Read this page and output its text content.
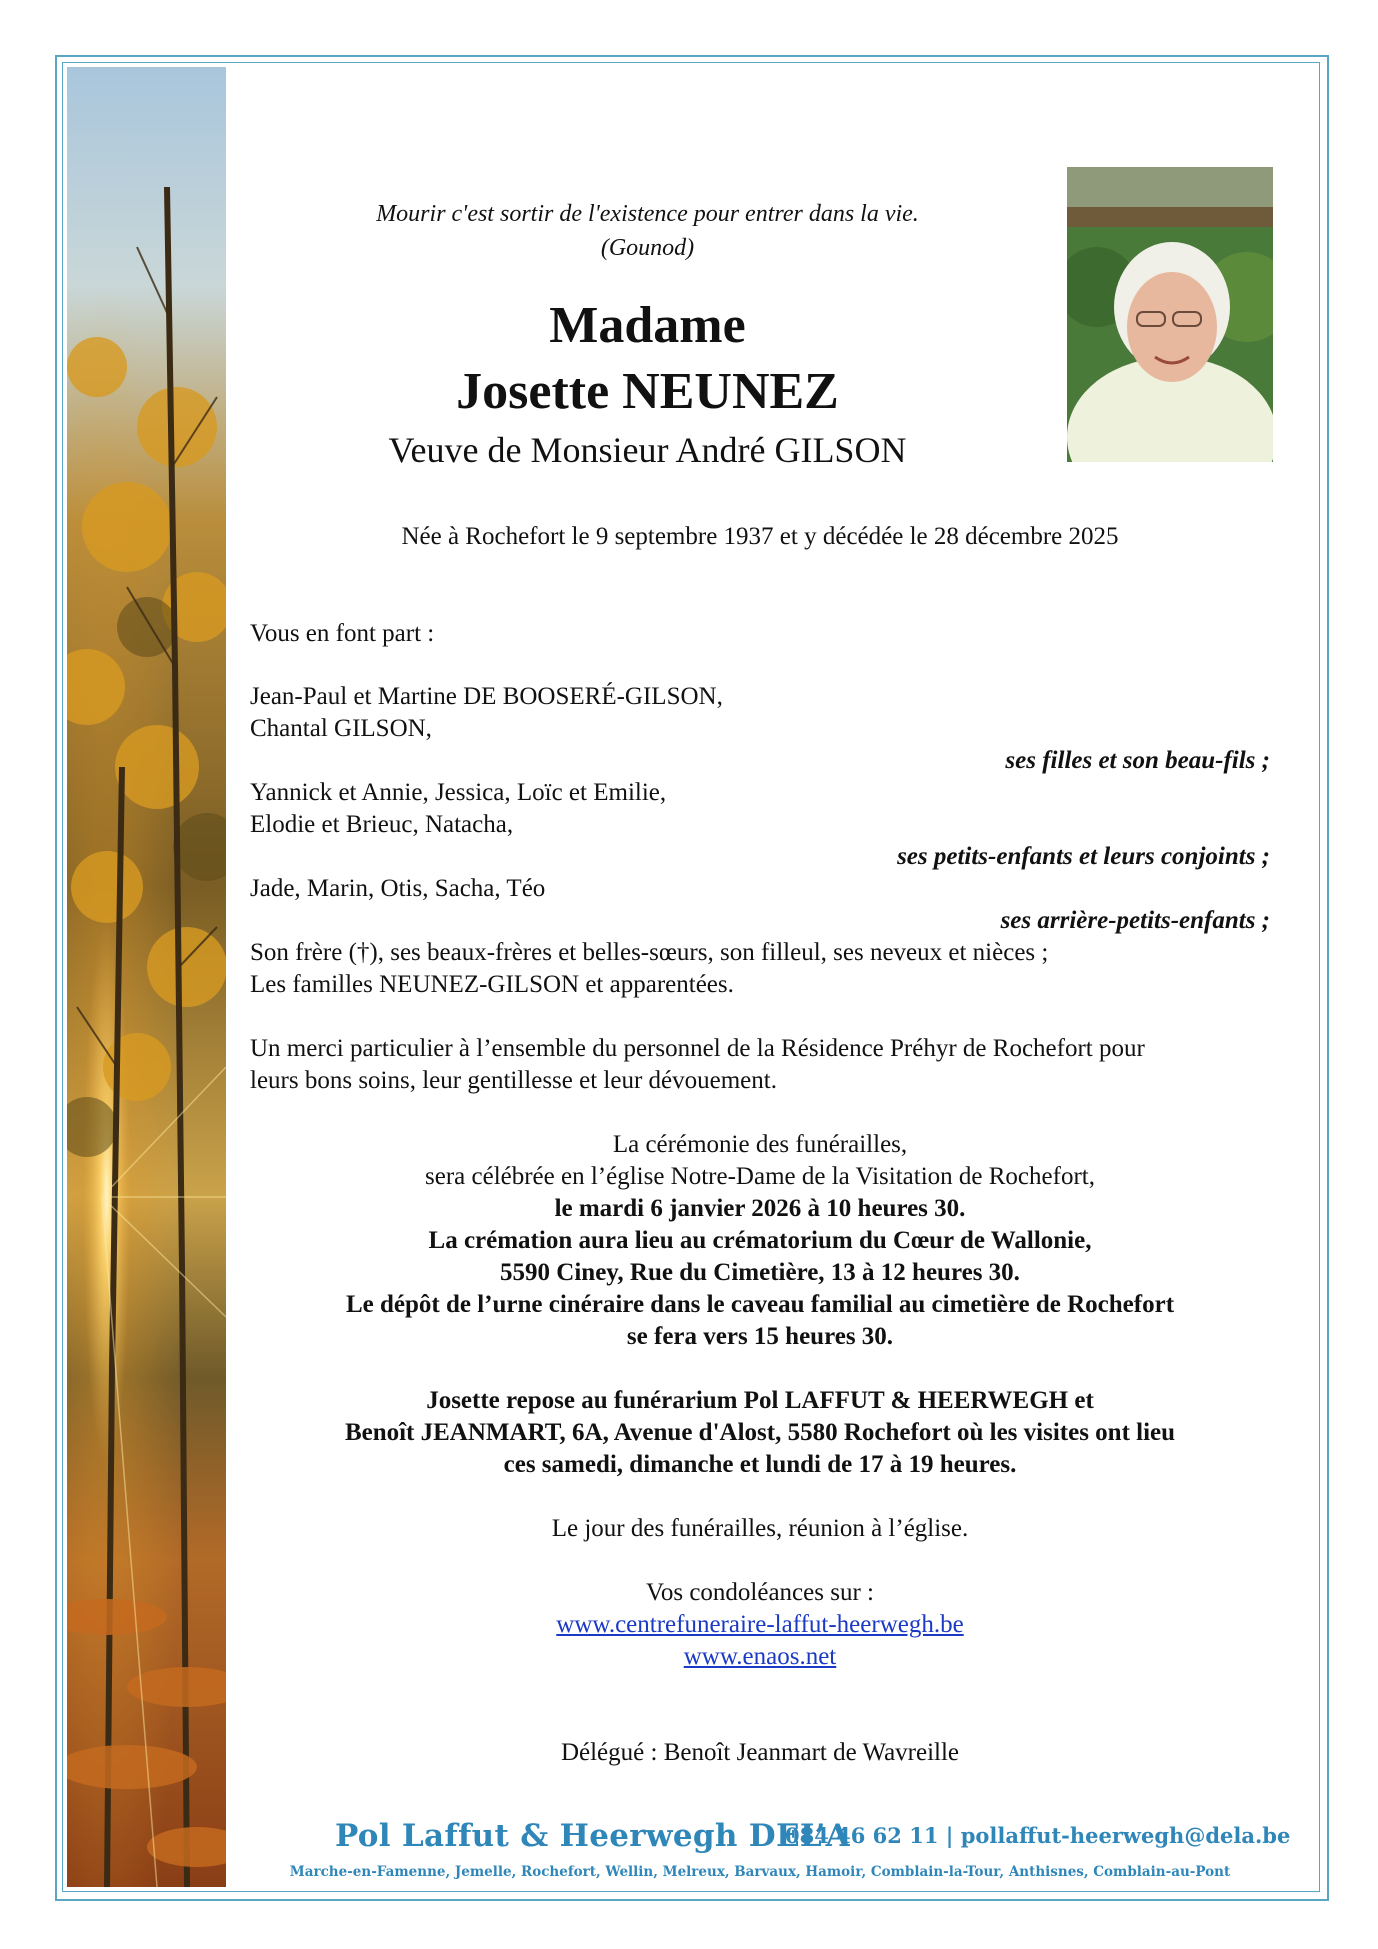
Mourir c'est sortir de l'existence pour entrer dans la vie.
(Gounod)
Madame
Josette NEUNEZ
Veuve de Monsieur André GILSON
Née à Rochefort le 9 septembre 1937 et y décédée le 28 décembre 2025
Vous en font part :
Jean-Paul et Martine DE BOOSERÉ-GILSON,
Chantal GILSON,
ses filles et son beau-fils ;
Yannick et Annie, Jessica, Loïc et Emilie,
Elodie et Brieuc, Natacha,
ses petits-enfants et leurs conjoints ;
Jade, Marin, Otis, Sacha, Téo
ses arrière-petits-enfants ;
Son frère (†), ses beaux-frères et belles-sœurs, son filleul, ses neveux et nièces ;
Les familles NEUNEZ-GILSON et apparentées.
Un merci particulier à l’ensemble du personnel de la Résidence Préhyr de Rochefort pour
leurs bons soins, leur gentillesse et leur dévouement.
La cérémonie des funérailles,
sera célébrée en l’église Notre-Dame de la Visitation de Rochefort,
le mardi 6 janvier 2026 à 10 heures 30.
La crémation aura lieu au crématorium du Cœur de Wallonie,
5590 Ciney, Rue du Cimetière, 13 à 12 heures 30.
Le dépôt de l’urne cinéraire dans le caveau familial au cimetière de Rochefort
se fera vers 15 heures 30.
Josette repose au funérarium Pol LAFFUT & HEERWEGH et
Benoît JEANMART, 6A, Avenue d'Alost, 5580 Rochefort où les visites ont lieu
ces samedi, dimanche et lundi de 17 à 19 heures.
Le jour des funérailles, réunion à l’église.
Vos condoléances sur :
www.centrefuneraire-laffut-heerwegh.be
www.enaos.net
Délégué : Benoît Jeanmart de Wavreille
Pol Laffut & Heerwegh DEL’A
084 46 62 11 | pollaffut-heerwegh@dela.be
Marche-en-Famenne, Jemelle, Rochefort, Wellin, Melreux, Barvaux, Hamoir, Comblain-la-Tour, Anthisnes, Comblain-au-Pont
